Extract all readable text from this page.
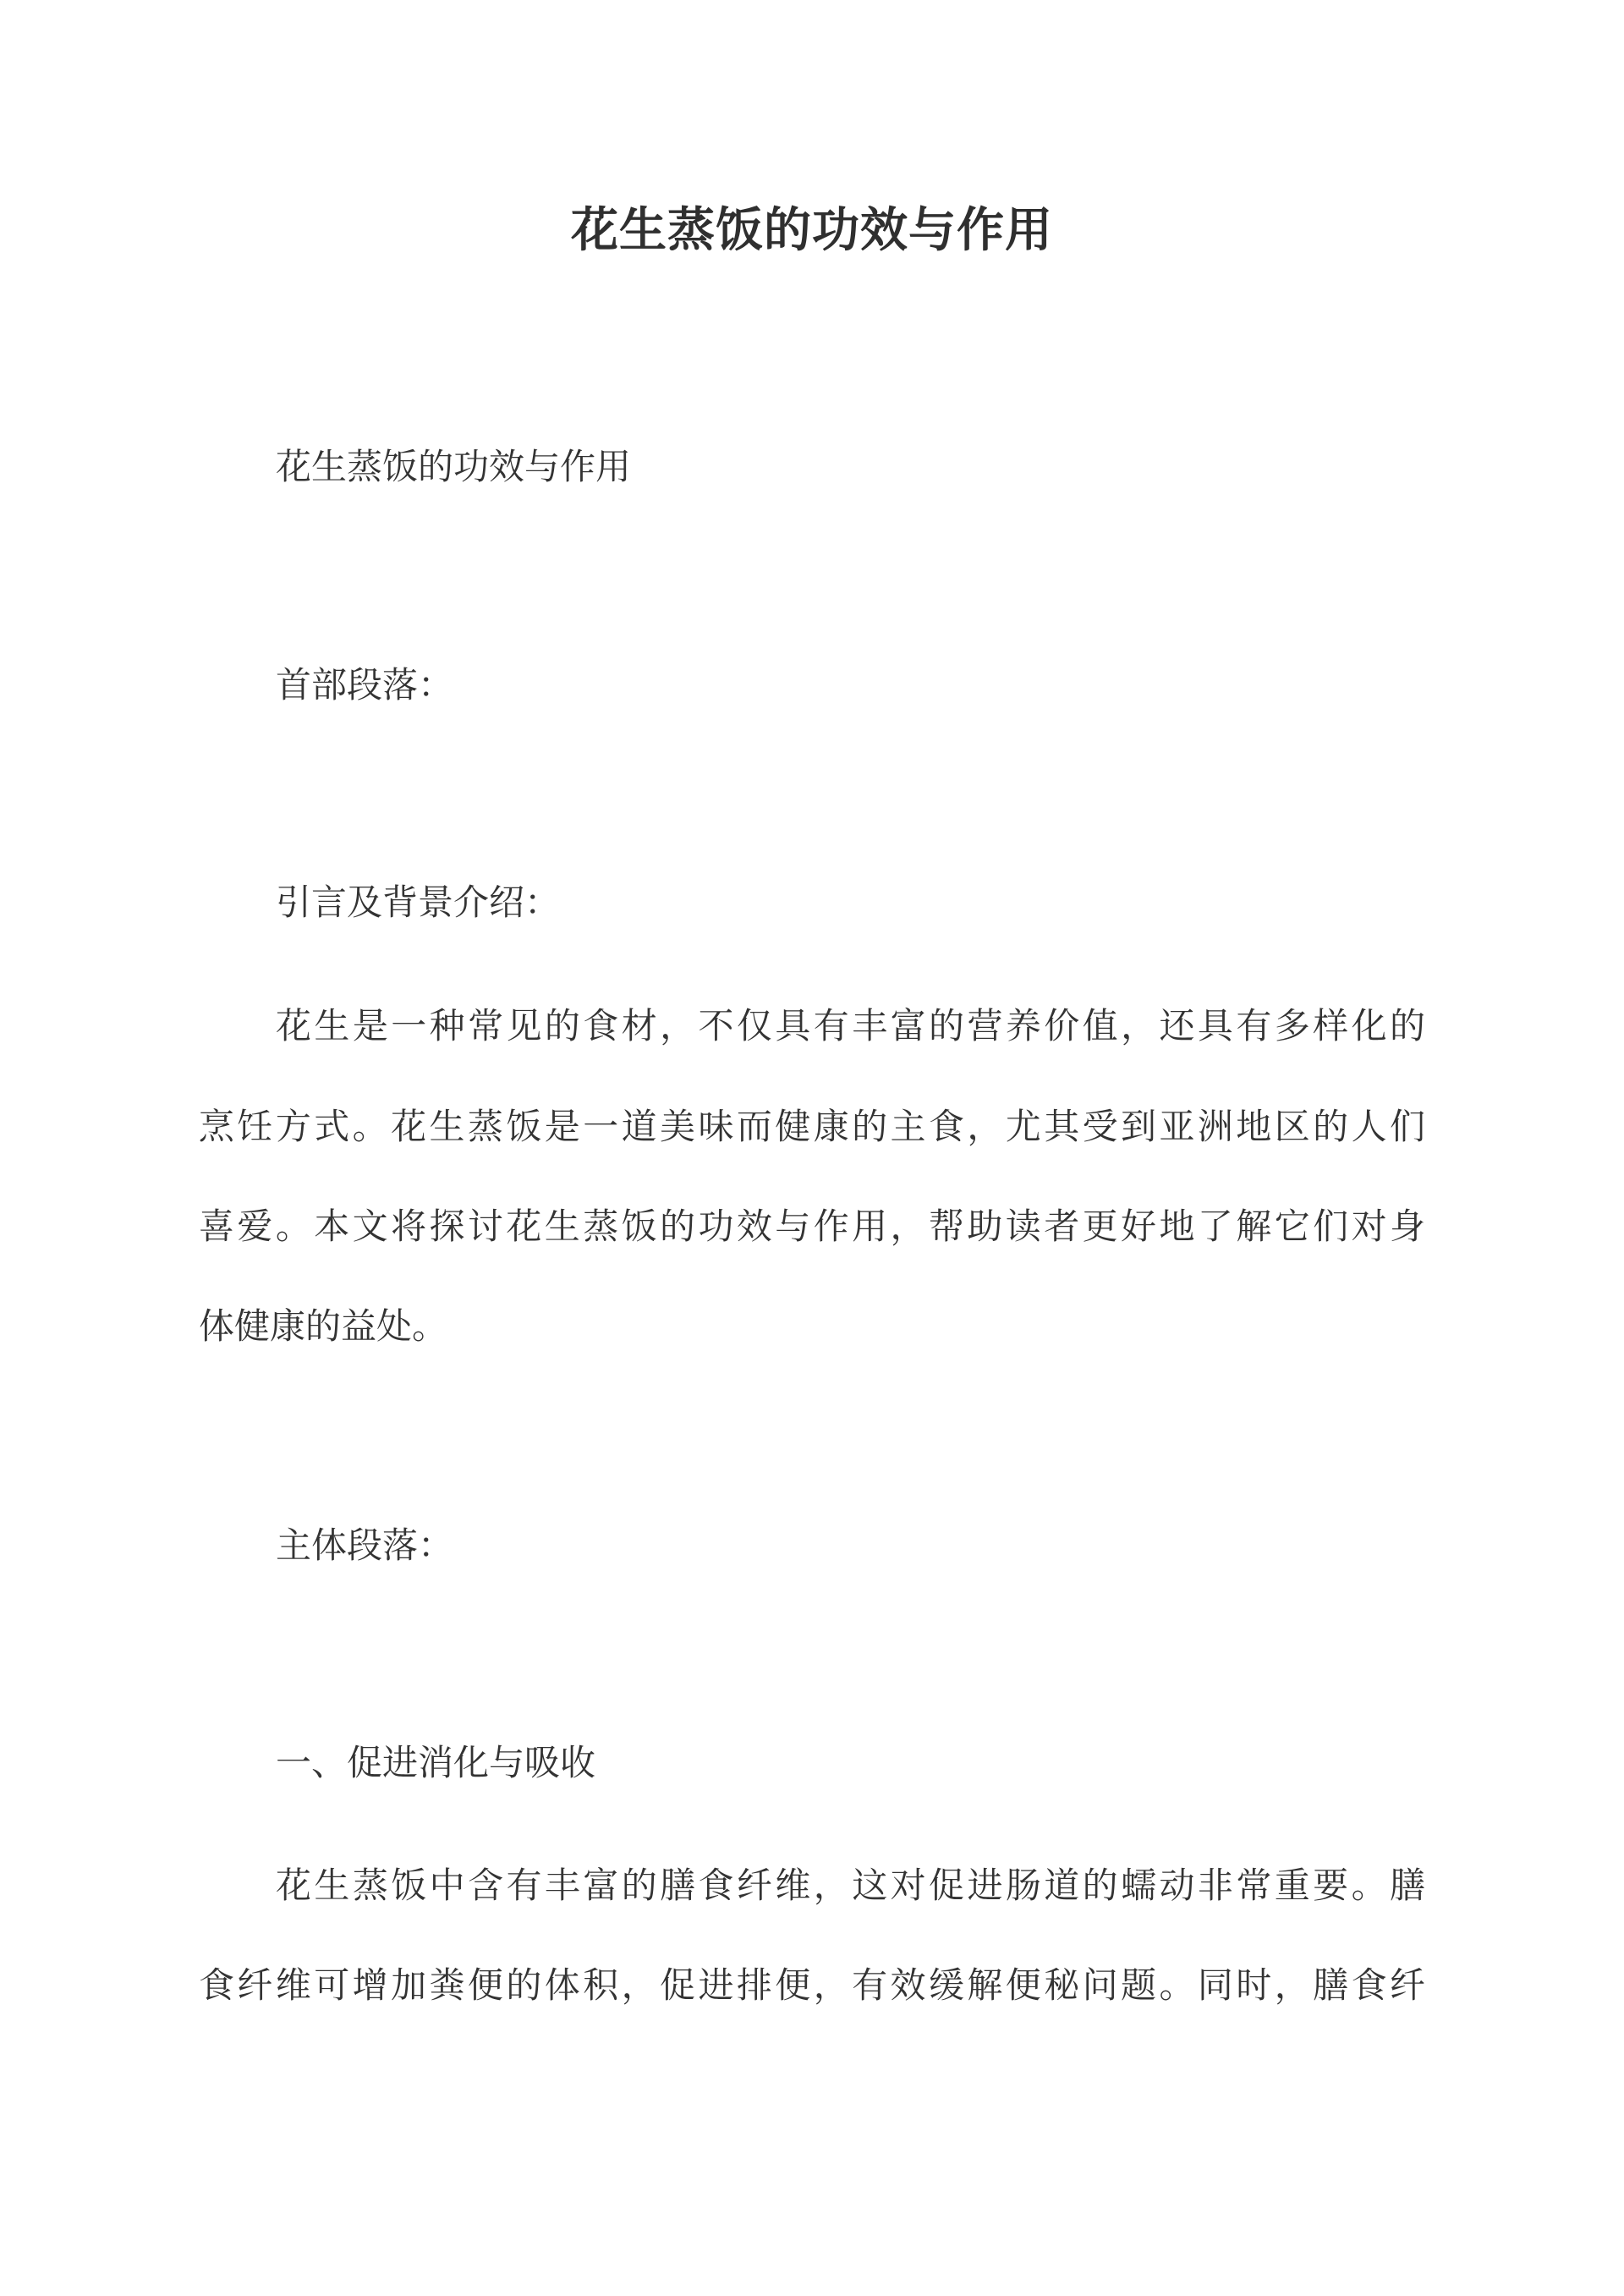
花生蒸饭的功效与作用
花生蒸饭的功效与作用
首部段落：
引言及背景介绍：
花生是一种常见的食材，不仅具有丰富的营养价值，还具有多样化的
烹饪方式。花生蒸饭是一道美味而健康的主食，尤其受到亚洲地区的人们
喜爱。本文将探讨花生蒸饭的功效与作用，帮助读者更好地了解它们对身
体健康的益处。
主体段落：
一、促进消化与吸收
花生蒸饭中含有丰富的膳食纤维，这对促进肠道的蠕动非常重要。膳
食纤维可增加粪便的体积，促进排便，有效缓解便秘问题。同时，膳食纤
